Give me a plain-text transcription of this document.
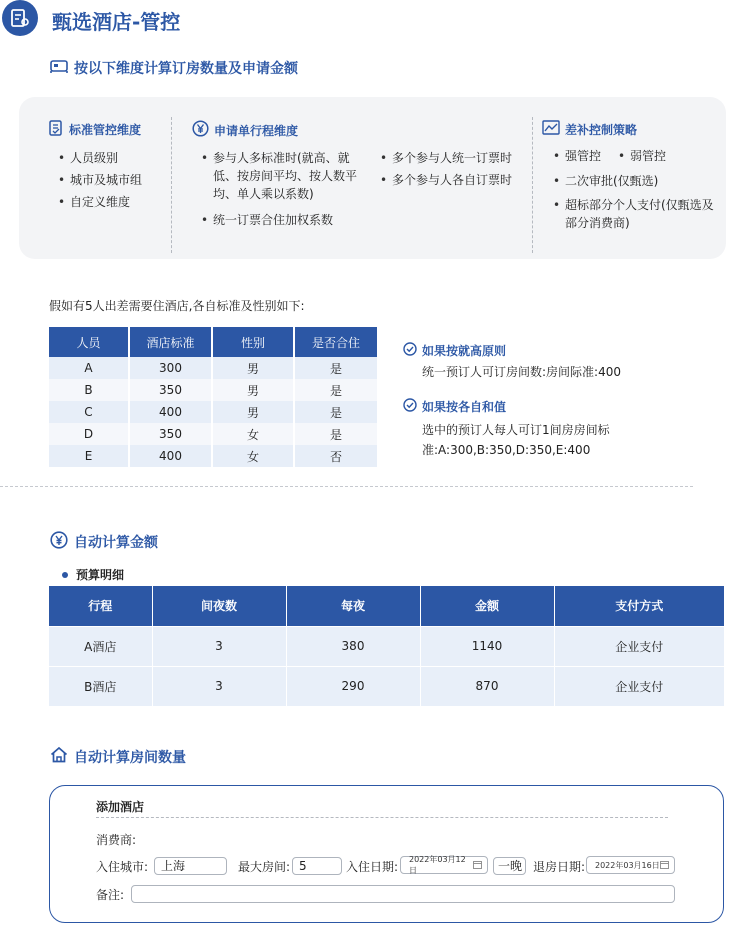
甄选酒店-管控
按以下维度计算订房数量及申请金额
标准管控维度
• 人员级别
• 城市及城市组
• 自定义维度
申请单行程维度
• 参与人多标准时(就高、就低、按房间平均、按人数平均、单人乘以系数)
• 统一订票合住加权系数
• 多个参与人统一订票时
• 多个参与人各自订票时
差补控制策略
• 强管控	• 弱管控
• 二次审批(仅甄选)
• 超标部分个人支付(仅甄选及部分消费商)
假如有5人出差需要住酒店,各自标准及性别如下:
人员	酒店标准	性别	是否合住
A	300	男	是
B	350	男	是
C	400	男	是
D	350	女	是
E	400	女	否
如果按就高原则
统一预订人可订房间数:房间际准:400
如果按各自和值
选中的预订人每人可订1间房房间标准:A:300,B:350,D:350,E:400
自动计算金额
预算明细
行程	间夜数	每夜	金额	支付方式
A酒店	3	380	1140	企业支付
B酒店	3	290	870	企业支付
自动计算房间数量
添加酒店
消费商:
入住城市:	上海	最大房间: 5	入住日期:
2022年03月12日	一晚 退房日期: 2022年03月16日
备注:
